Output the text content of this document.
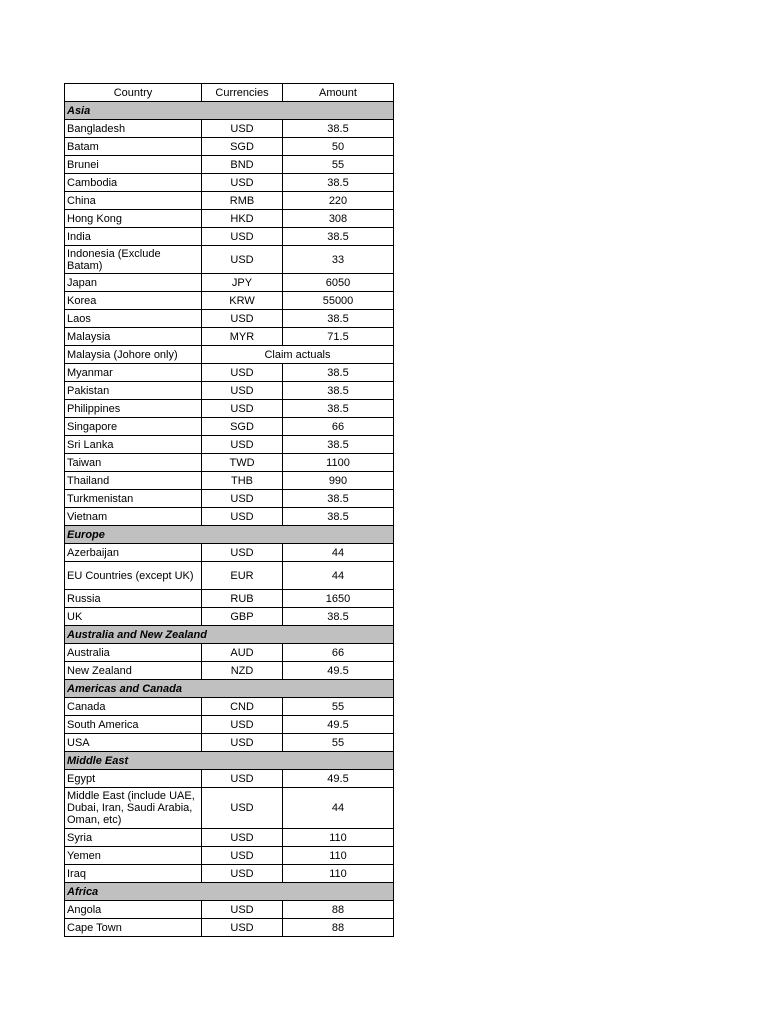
Country	Currencies	Amount
Asia		
Bangladesh	USD	38.5
Batam	SGD	50
Brunei	BND	55
Cambodia	USD	38.5
China	RMB	220
Hong Kong	HKD	308
India	USD	38.5
Indonesia (Exclude Batam)	USD	33
Japan	JPY	6050
Korea	KRW	55000
Laos	USD	38.5
Malaysia	MYR	71.5
Malaysia (Johore only)	Claim actuals	
Myanmar	USD	38.5
Pakistan	USD	38.5
Philippines	USD	38.5
Singapore	SGD	66
Sri Lanka	USD	38.5
Taiwan	TWD	1100
Thailand	THB	990
Turkmenistan	USD	38.5
Vietnam	USD	38.5
Europe		
Azerbaijan	USD	44
EU Countries (except UK)	EUR	44
Russia	RUB	1650
UK	GBP	38.5
Australia and New Zealand		
Australia	AUD	66
New Zealand	NZD	49.5
Americas and Canada		
Canada	CND	55
South America	USD	49.5
USA	USD	55
Middle East		
Egypt	USD	49.5
Middle East (include UAE, Dubai, Iran, Saudi Arabia, Oman, etc)	USD	44
Syria	USD	110
Yemen	USD	110
Iraq	USD	110
Africa		
Angola	USD	88
Cape Town	USD	88
